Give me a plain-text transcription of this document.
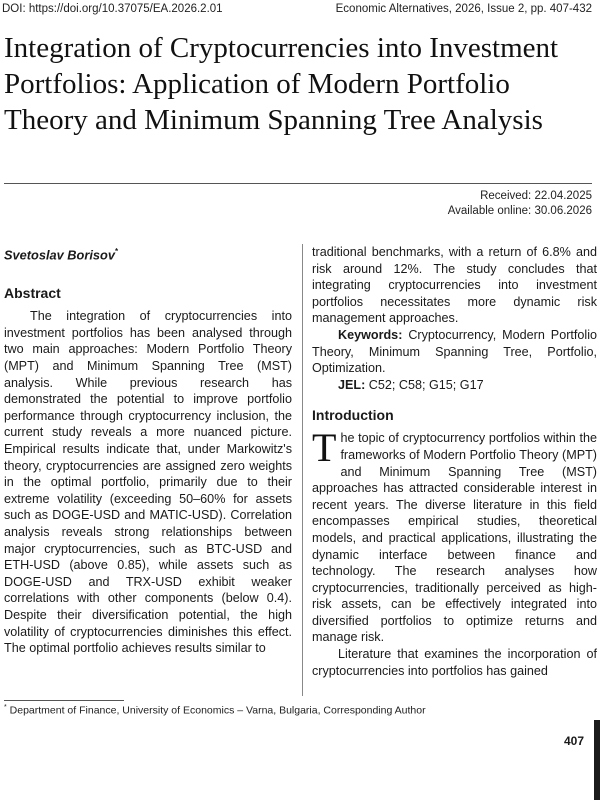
DOI: https://doi.org/10.37075/EA.2026.2.01	Economic Alternatives, 2026, Issue 2, pp. 407-432
Integration of Cryptocurrencies into Investment Portfolios: Application of Modern Portfolio Theory and Minimum Spanning Tree Analysis
Received: 22.04.2025
Available online: 30.06.2026

Svetoslav Borisov*

Abstract

The integration of cryptocurrencies into investment portfolios has been analysed through two main approaches: Modern Portfolio Theory (MPT) and Minimum Spanning Tree (MST) analysis. While previous research has demonstrated the potential to improve portfolio performance through cryptocurrency inclusion, the current study reveals a more nuanced picture. Empirical results indicate that, under Markowitz's theory, cryptocurrencies are assigned zero weights in the optimal portfolio, primarily due to their extreme volatility (exceeding 50–60% for assets such as DOGE-USD and MATIC-USD). Correlation analysis reveals strong relationships between major cryptocurrencies, such as BTC-USD and ETH-USD (above 0.85), while assets such as DOGE-USD and TRX-USD exhibit weaker correlations with other components (below 0.4). Despite their diversification potential, the high volatility of cryptocurrencies diminishes this effect. The optimal portfolio achieves results similar to

traditional benchmarks, with a return of 6.8% and risk around 12%. The study concludes that integrating cryptocurrencies into investment portfolios necessitates more dynamic risk management approaches.

Keywords: Cryptocurrency, Modern Portfolio Theory, Minimum Spanning Tree, Portfolio, Optimization.

JEL: C52; C58; G15; G17

Introduction

The topic of cryptocurrency portfolios within the frameworks of Modern Portfolio Theory (MPT) and Minimum Spanning Tree (MST) approaches has attracted considerable interest in recent years. The diverse literature in this field encompasses empirical studies, theoretical models, and practical applications, illustrating the dynamic interface between finance and technology. The research analyses how cryptocurrencies, traditionally perceived as high-risk assets, can be effectively integrated into diversified portfolios to optimize returns and manage risk.

Literature that examines the incorporation of cryptocurrencies into portfolios has gained

* Department of Finance, University of Economics – Varna, Bulgaria, Corresponding Author
407
